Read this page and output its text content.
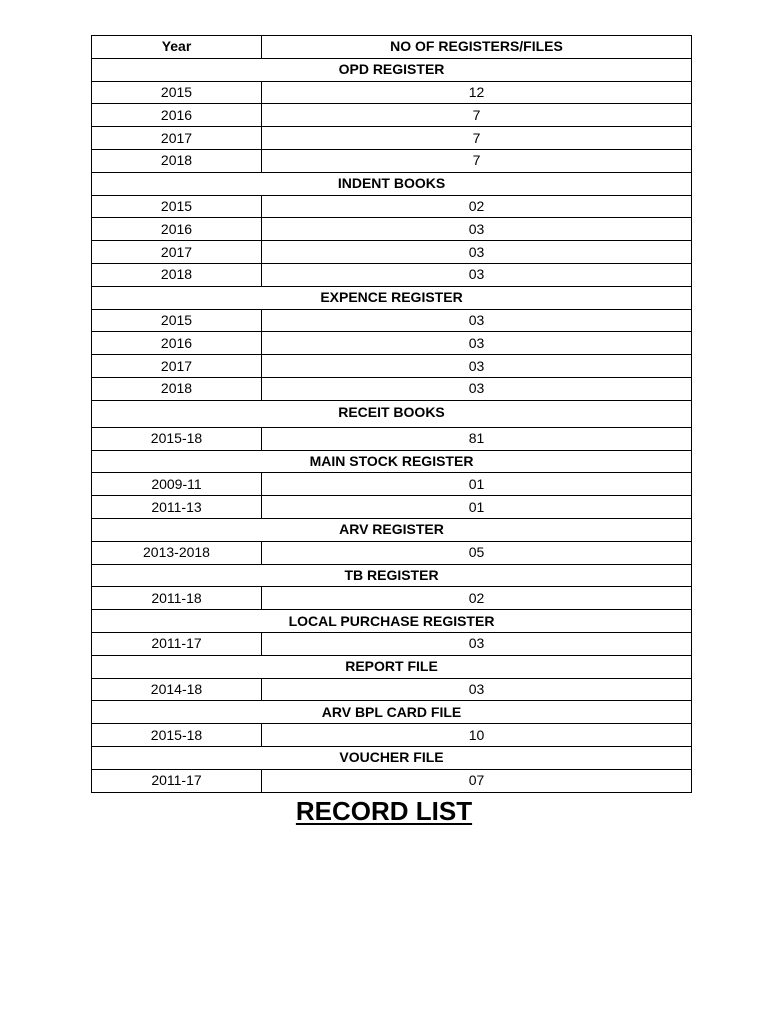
Year	NO OF REGISTERS/FILES
OPD REGISTER	
2015	12
2016	7
2017	7
2018	7
INDENT BOOKS	
2015	02
2016	03
2017	03
2018	03
EXPENCE REGISTER	
2015	03
2016	03
2017	03
2018	03
RECEIT BOOKS	
2015-18	81
MAIN STOCK REGISTER	
2009-11	01
2011-13	01
ARV REGISTER	
2013-2018	05
TB REGISTER	
2011-18	02
LOCAL PURCHASE REGISTER	
2011-17	03
REPORT FILE	
2014-18	03
ARV BPL CARD FILE	
2015-18	10
VOUCHER FILE	
2011-17	07
RECORD LIST
